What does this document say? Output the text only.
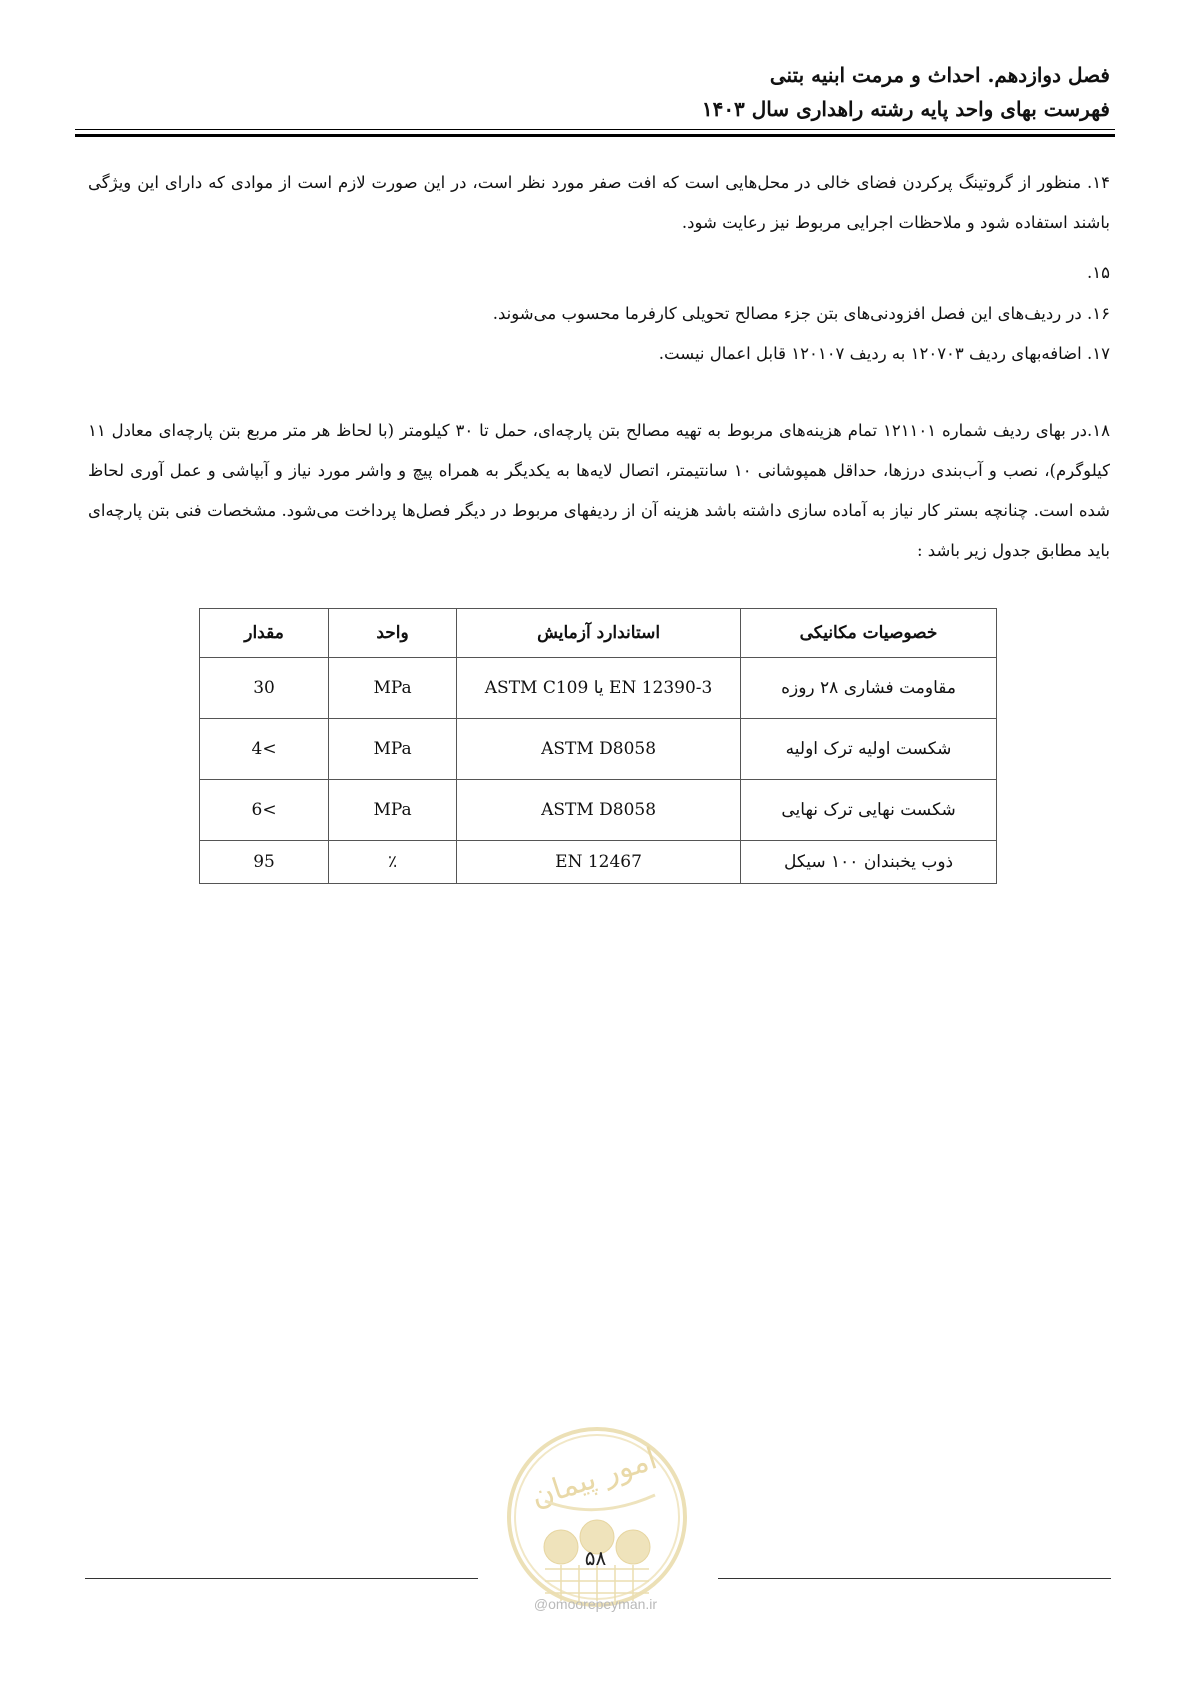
فصل دوازدهم. احداث و مرمت ابنیه بتنی
فهرست بهای واحد پایه رشته راهداری سال ۱۴۰۳
۱۴. منظور از گروتینگ پرکردن فضای خالی در محل‌هایی است که افت صفر مورد نظر است، در این صورت لازم است از موادی که دارای این ویژگی باشند استفاده شود و ملاحظات اجرایی مربوط نیز رعایت شود.
۱۵.
۱۶. در ردیف‌های این فصل افزودنی‌های بتن جزء مصالح تحویلی کارفرما محسوب می‌شوند.
۱۷. اضافه‌بهای ردیف ۱۲۰۷۰۳ به ردیف ۱۲۰۱۰۷ قابل اعمال نیست.
۱۸.در بهای ردیف شماره ۱۲۱۱۰۱ تمام هزینه‌های مربوط به تهیه مصالح بتن پارچه‌ای، حمل تا ۳۰ کیلومتر (با لحاظ هر متر مربع بتن پارچه‌ای معادل ۱۱ کیلوگرم)، نصب و آب‌بندی درزها، حداقل همپوشانی ۱۰ سانتیمتر، اتصال لایه‌ها به یکدیگر به همراه پیچ و واشر مورد نیاز و آبپاشی و عمل آوری لحاظ شده است. چنانچه بستر کار نیاز به آماده سازی داشته باشد هزینه آن از ردیفهای مربوط در دیگر فصل‌ها پرداخت می‌شود. مشخصات فنی بتن پارچه‌ای باید مطابق جدول زیر باشد :
خصوصیات مکانیکی	استاندارد آزمایش	واحد	مقدار
مقاومت فشاری ۲۸ روزه	EN 12390-3 یا ASTM C109	MPa	30
شکست اولیه ترک اولیه	ASTM D8058	MPa	>4
شکست نهایی ترک نهایی	ASTM D8058	MPa	>6
ذوب یخبندان ۱۰۰ سیکل	EN 12467	٪	95
امور پیمان
۵۸
@omoorepeyman.ir
